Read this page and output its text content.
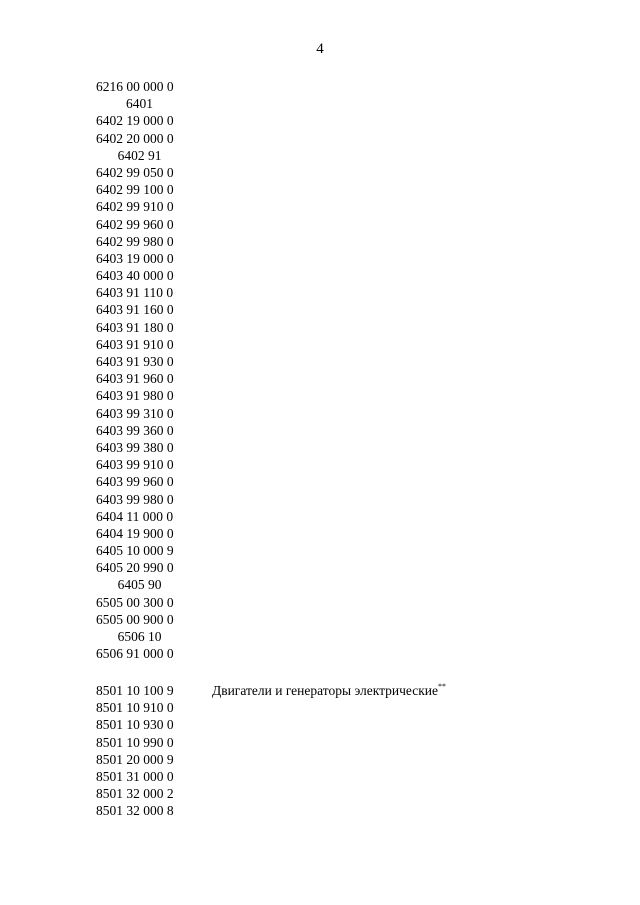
4
6216 00 000 0
6401
6402 19 000 0
6402 20 000 0
6402 91
6402 99 050 0
6402 99 100 0
6402 99 910 0
6402 99 960 0
6402 99 980 0
6403 19 000 0
6403 40 000 0
6403 91 110 0
6403 91 160 0
6403 91 180 0
6403 91 910 0
6403 91 930 0
6403 91 960 0
6403 91 980 0
6403 99 310 0
6403 99 360 0
6403 99 380 0
6403 99 910 0
6403 99 960 0
6403 99 980 0
6404 11 000 0
6404 19 900 0
6405 10 000 9
6405 20 990 0
6405 90
6505 00 300 0
6505 00 900 0
6506 10
6506 91 000 0
8501 10 100 9
8501 10 910 0
8501 10 930 0
8501 10 990 0
8501 20 000 9
8501 31 000 0
8501 32 000 2
8501 32 000 8
Двигатели и генераторы электрические**
